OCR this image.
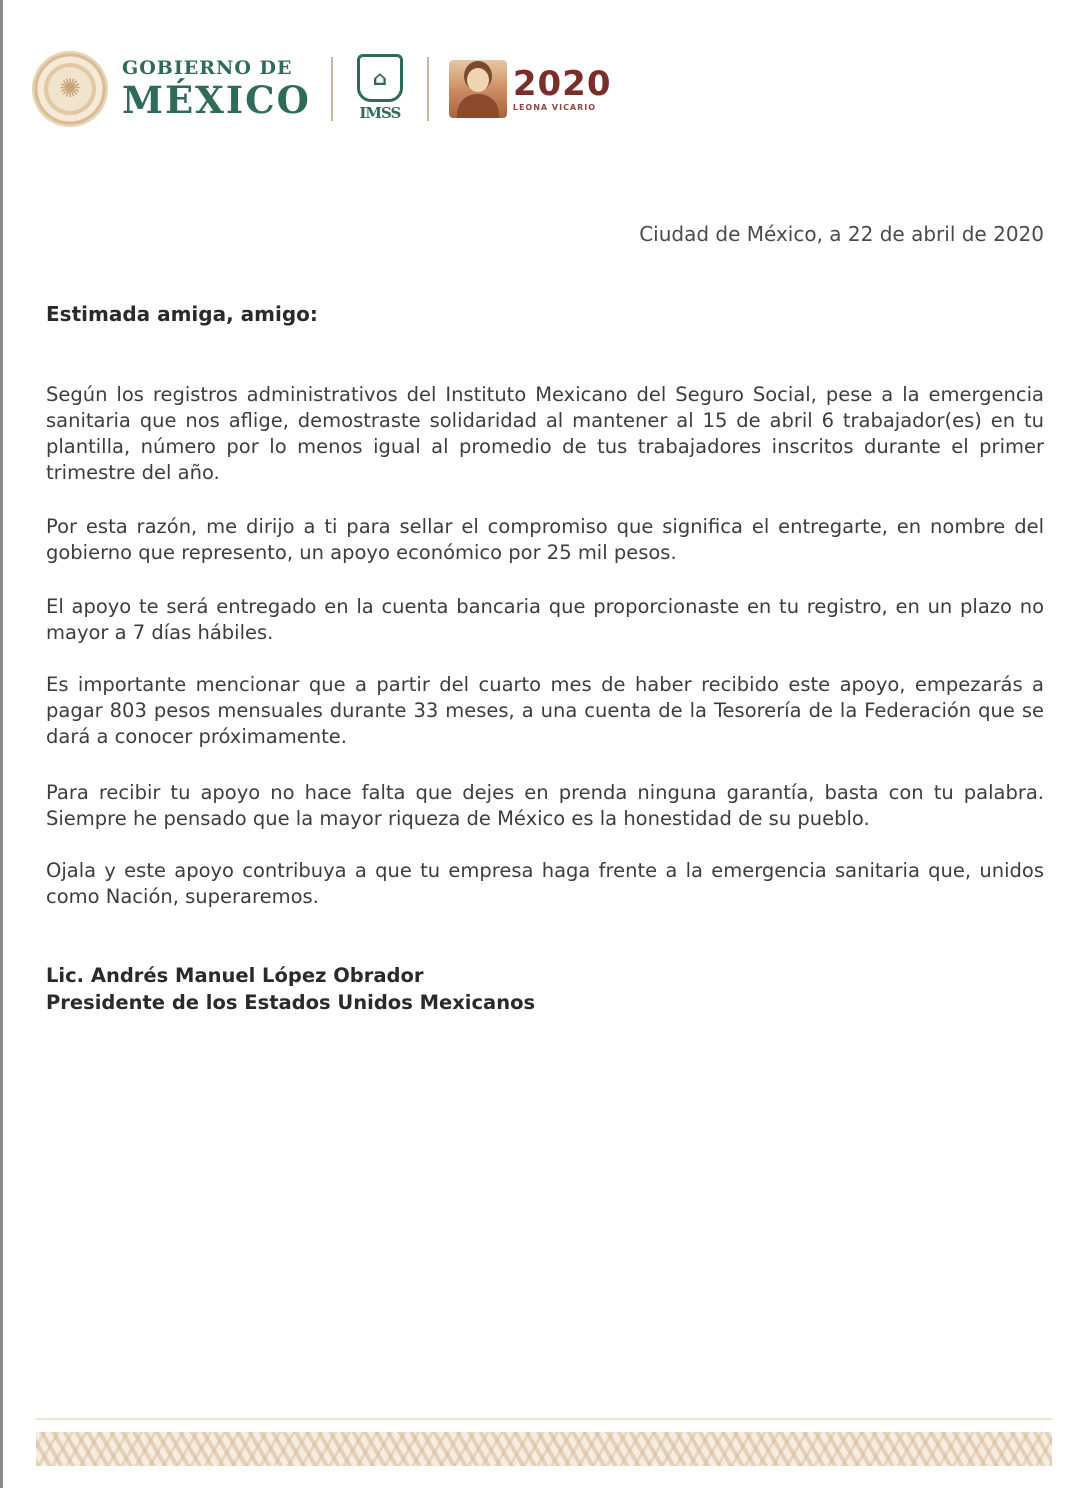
✺
GOBIERNO DE
MÉXICO	⌂
IMSS
2020
LEONA VICARIO
Ciudad de México, a 22 de abril de 2020
Estimada amiga, amigo:

Según los registros administrativos del Instituto Mexicano del Seguro Social, pese a la emergencia sanitaria que nos aflige, demostraste solidaridad al mantener al 15 de abril 6 trabajador(es) en tu plantilla, número por lo menos igual al promedio de tus trabajadores inscritos durante el primer trimestre del año.

Por esta razón, me dirijo a ti para sellar el compromiso que significa el entregarte, en nombre del gobierno que represento, un apoyo económico por 25 mil pesos.

El apoyo te será entregado en la cuenta bancaria que proporcionaste en tu registro, en un plazo no mayor a 7 días hábiles.

Es importante mencionar que a partir del cuarto mes de haber recibido este apoyo, empezarás a pagar 803 pesos mensuales durante 33 meses, a una cuenta de la Tesorería de la Federación que se dará a conocer próximamente.

Para recibir tu apoyo no hace falta que dejes en prenda ninguna garantía, basta con tu palabra. Siempre he pensado que la mayor riqueza de México es la honestidad de su pueblo.

Ojala y este apoyo contribuya a que tu empresa haga frente a la emergencia sanitaria que, unidos como Nación, superaremos.

Lic. Andrés Manuel López Obrador
Presidente de los Estados Unidos Mexicanos
